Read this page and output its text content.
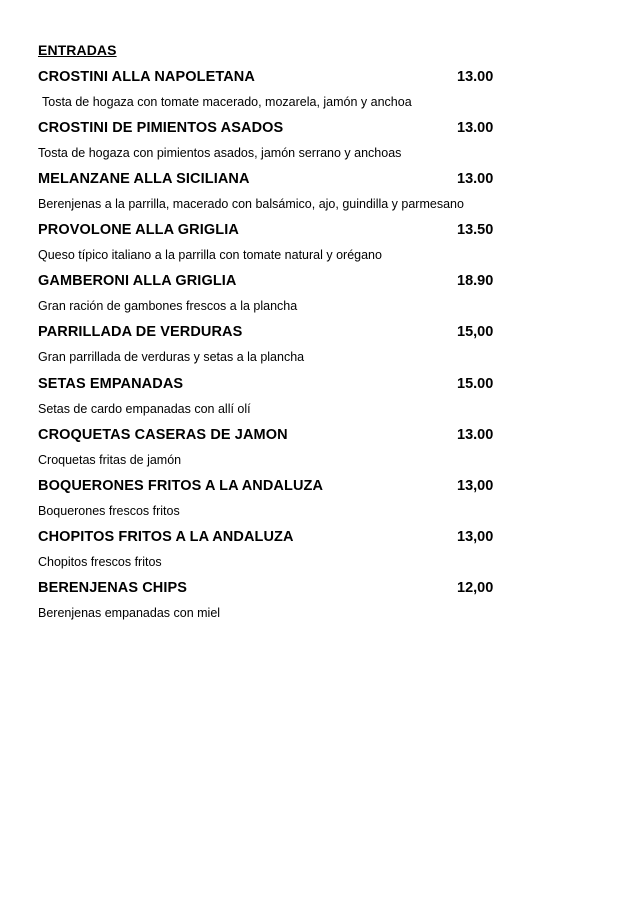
ENTRADAS
CROSTINI ALLA NAPOLETANA	13.00
Tosta de hogaza con tomate macerado, mozarela, jamón y anchoa
CROSTINI DE PIMIENTOS ASADOS	13.00
Tosta de hogaza con pimientos asados, jamón serrano y anchoas
MELANZANE ALLA SICILIANA	13.00
Berenjenas a la parrilla, macerado con balsámico, ajo, guindilla y parmesano
PROVOLONE ALLA GRIGLIA	13.50
Queso típico italiano a la parrilla con tomate natural y orégano
GAMBERONI ALLA GRIGLIA	18.90
Gran ración de gambones frescos a la plancha
PARRILLADA DE VERDURAS	15,00
Gran parrillada de verduras y setas a la plancha
SETAS EMPANADAS	15.00
Setas de cardo empanadas con allí olí
CROQUETAS CASERAS DE JAMON	13.00
Croquetas fritas de jamón
BOQUERONES FRITOS A LA ANDALUZA	13,00
Boquerones frescos fritos
CHOPITOS FRITOS A LA ANDALUZA	13,00
Chopitos frescos fritos
BERENJENAS CHIPS	12,00
Berenjenas empanadas con miel
